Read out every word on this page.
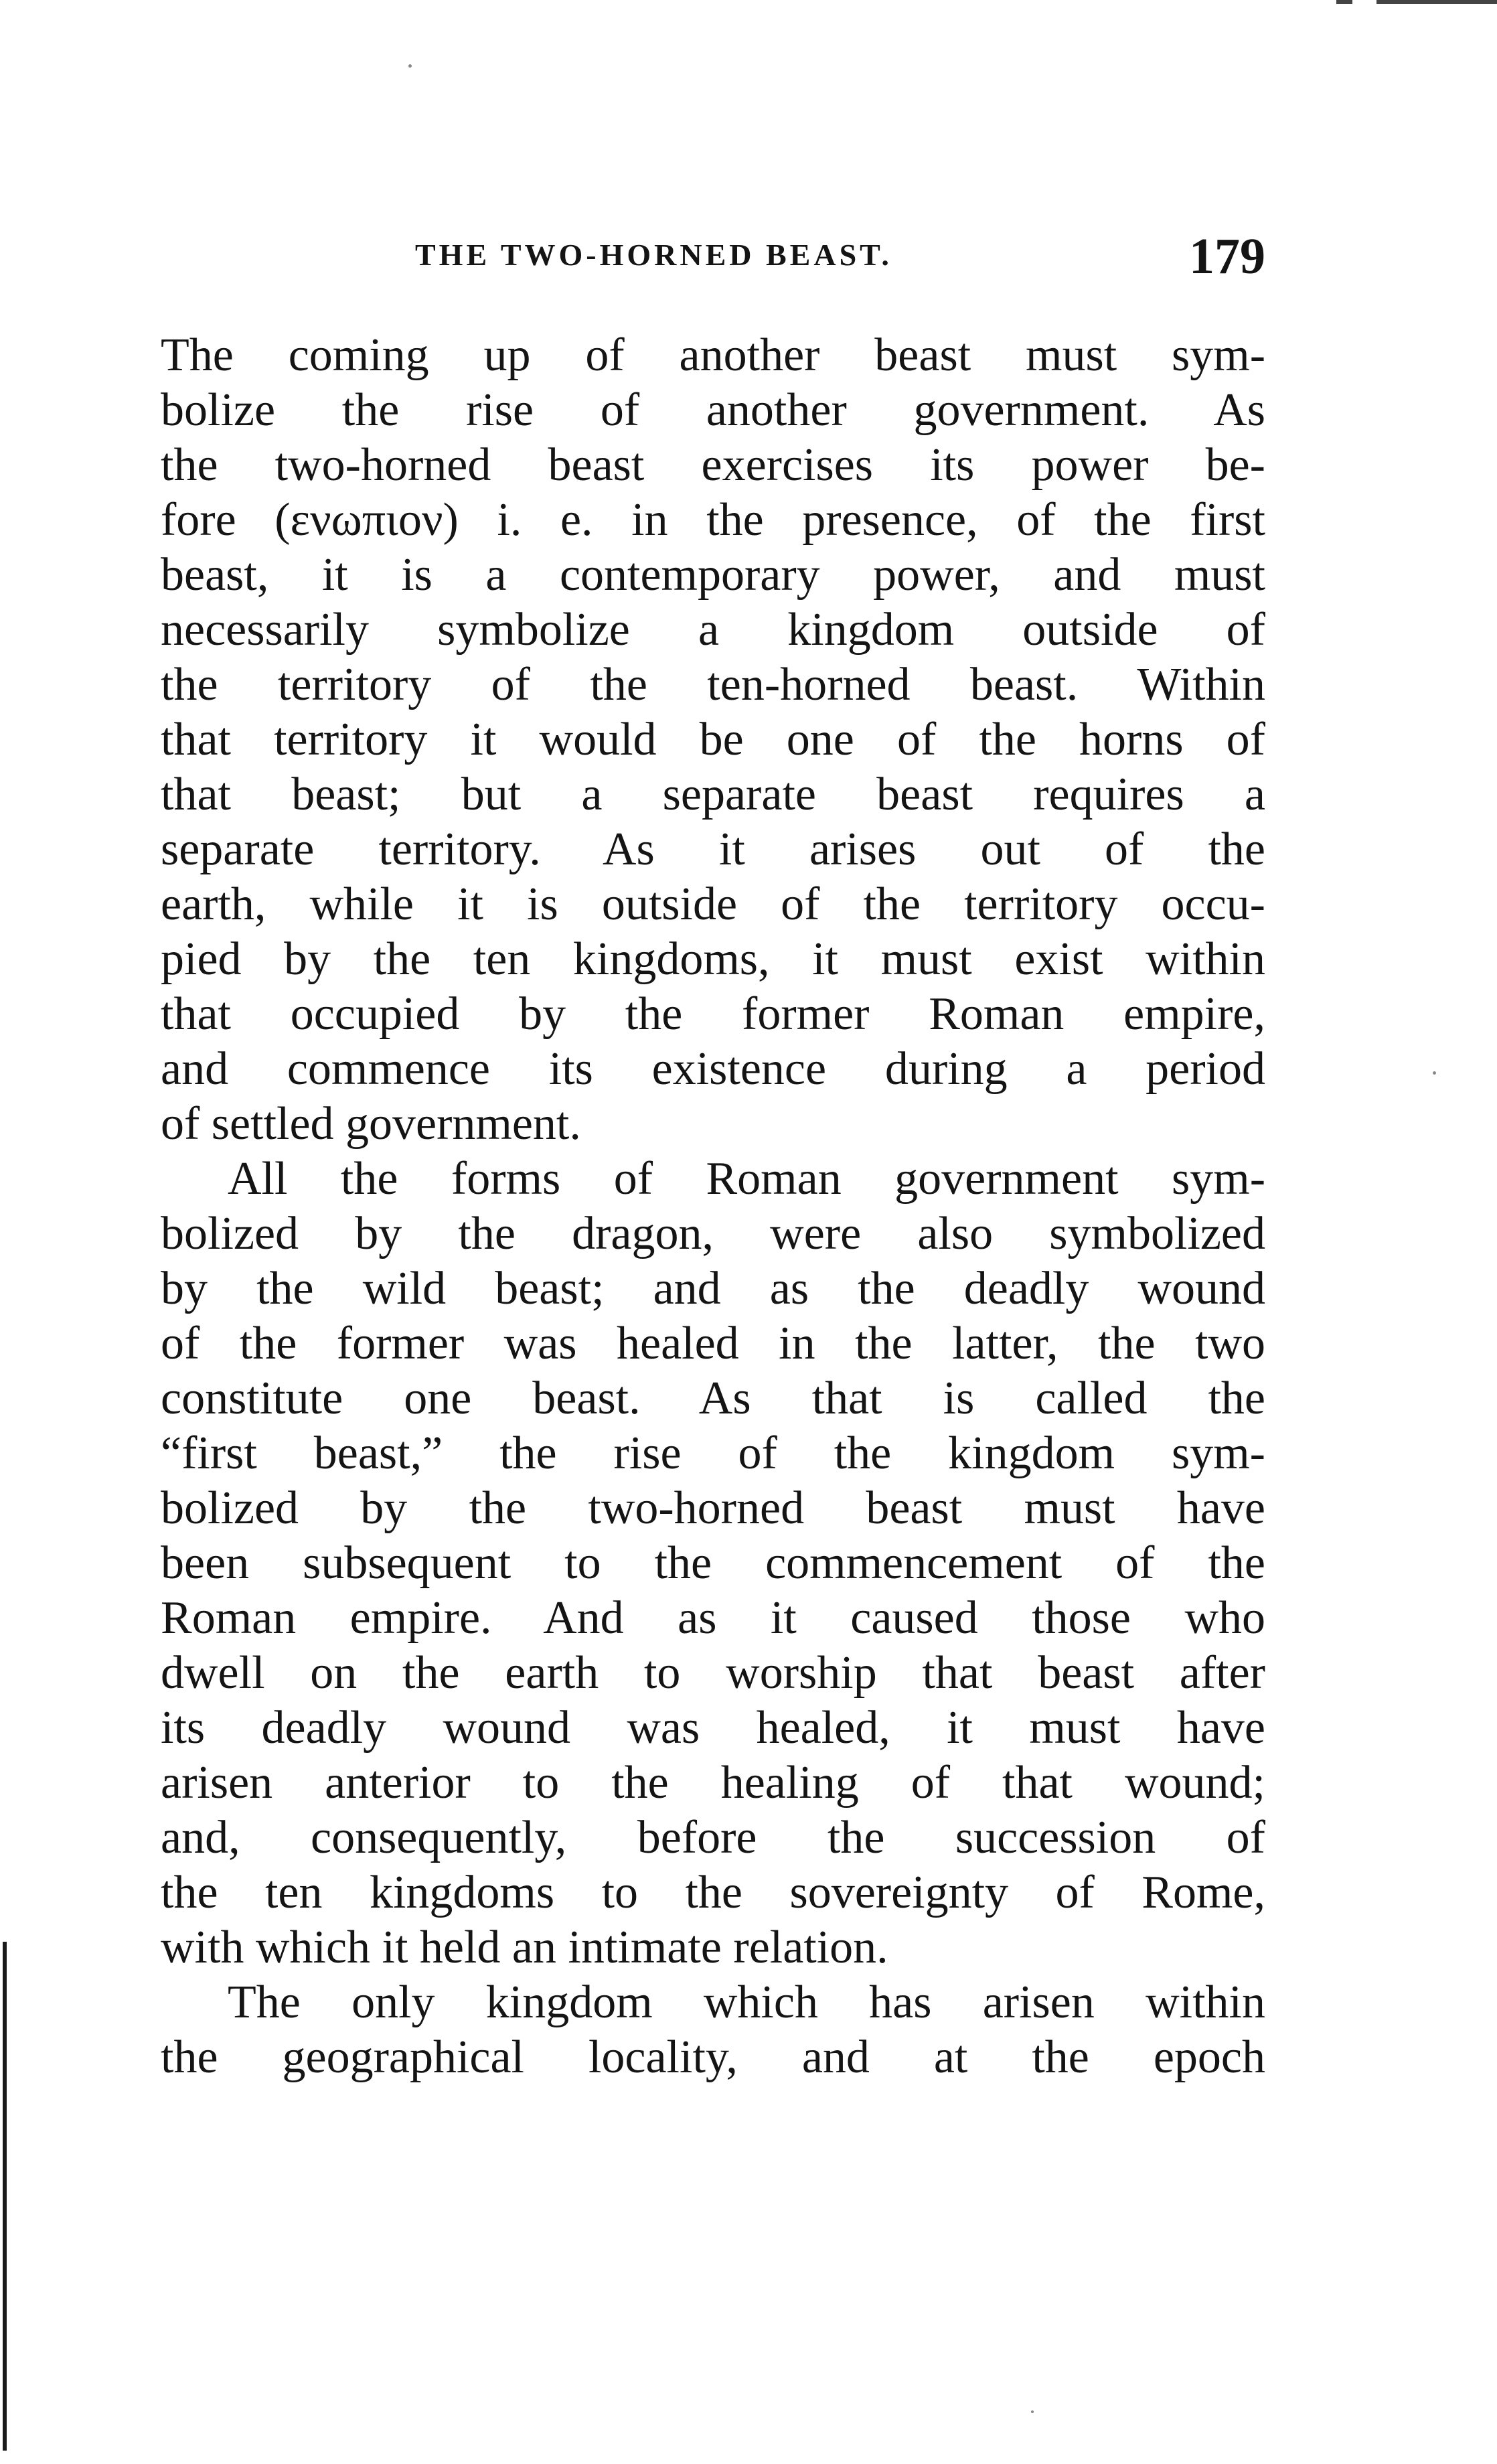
THE TWO-HORNED BEAST.	179
The coming up of another beast must sym-
bolize the rise of another government. As
the two-horned beast exercises its power be-
fore (ενωπιον) i. e. in the presence, of the first
beast, it is a contemporary power, and must
necessarily symbolize a kingdom outside of
the territory of the ten-horned beast. Within
that territory it would be one of the horns of
that beast; but a separate beast requires a
separate territory. As it arises out of the
earth, while it is outside of the territory occu-
pied by the ten kingdoms, it must exist within
that occupied by the former Roman empire,
and commence its existence during a period
of settled government.
All the forms of Roman government sym-
bolized by the dragon, were also symbolized
by the wild beast; and as the deadly wound
of the former was healed in the latter, the two
constitute one beast. As that is called the
“first beast,” the rise of the kingdom sym-
bolized by the two-horned beast must have
been subsequent to the commencement of the
Roman empire. And as it caused those who
dwell on the earth to worship that beast after
its deadly wound was healed, it must have
arisen anterior to the healing of that wound;
and, consequently, before the succession of
the ten kingdoms to the sovereignty of Rome,
with which it held an intimate relation.
The only kingdom which has arisen within
the geographical locality, and at the epoch
